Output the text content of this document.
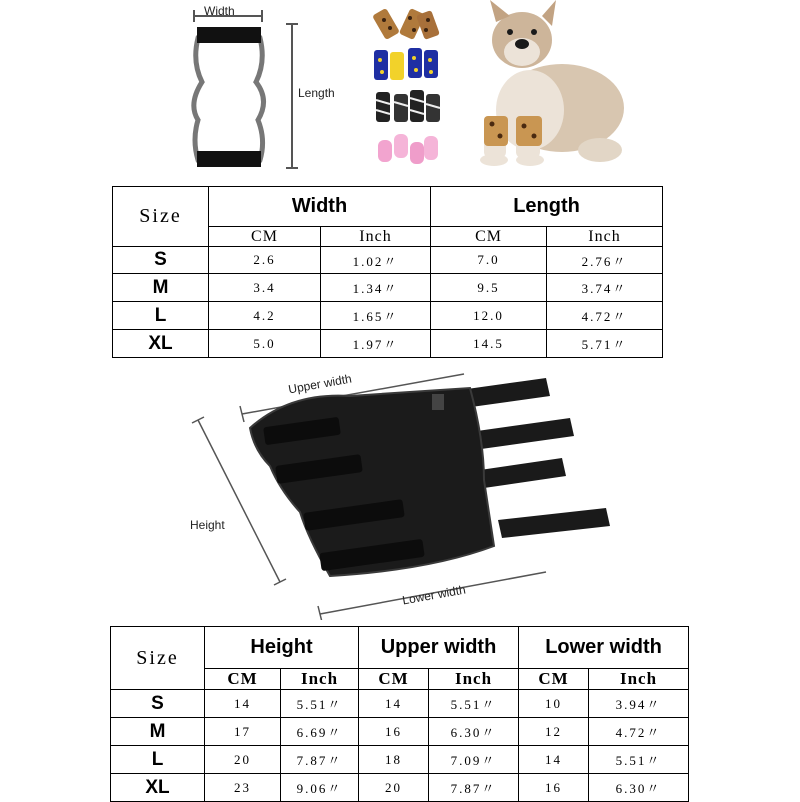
Width
Length
Size	Width		Length	
	CM	Inch	CM	Inch
S	2.6	1.02〃	7.0	2.76〃
M	3.4	1.34〃	9.5	3.74〃
L	4.2	1.65〃	12.0	4.72〃
XL	5.0	1.97〃	14.5	5.71〃
Upper width
Height
Lower width
Size	Height		Upper width		Lower width	
	CM	Inch	CM	Inch	CM	Inch
S	14	5.51〃	14	5.51〃	10	3.94〃
M	17	6.69〃	16	6.30〃	12	4.72〃
L	20	7.87〃	18	7.09〃	14	5.51〃
XL	23	9.06〃	20	7.87〃	16	6.30〃
